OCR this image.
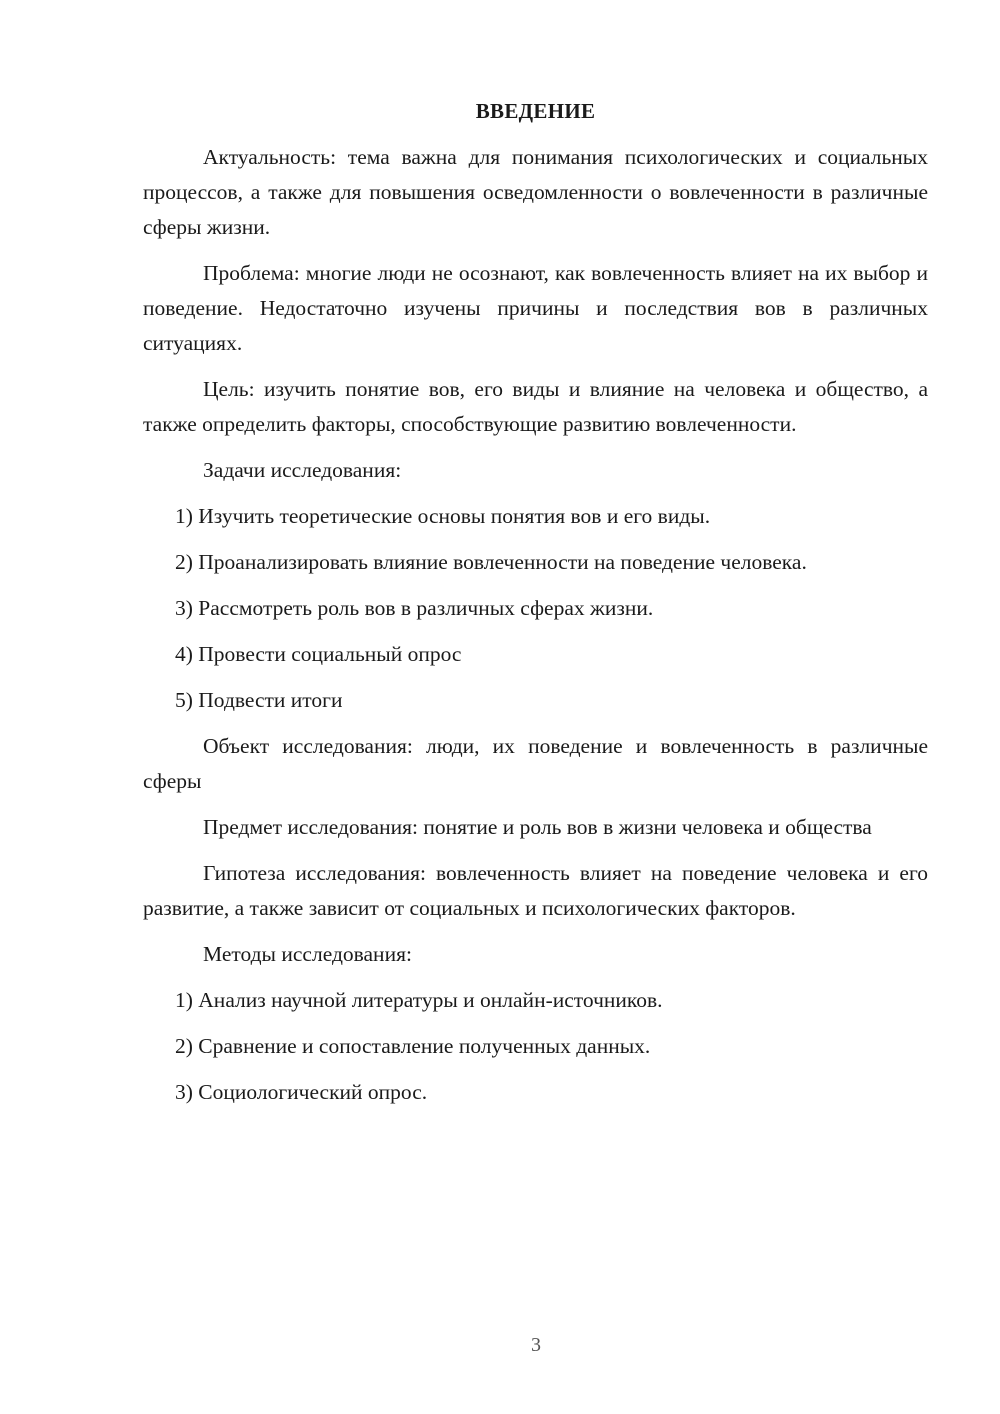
ВВЕДЕНИЕ

Актуальность: тема важна для понимания психологических и социальных процессов, а также для повышения осведомленности о вовлеченности в различные сферы жизни.

Проблема: многие люди не осознают, как вовлеченность влияет на их выбор и поведение. Недостаточно изучены причины и последствия вов в различных ситуациях.

Цель: изучить понятие вов, его виды и влияние на человека и общество, а также определить факторы, способствующие развитию вовлеченности.

Задачи исследования:

1) Изучить теоретические основы понятия вов и его виды.
2) Проанализировать влияние вовлеченности на поведение человека.
3) Рассмотреть роль вов в различных сферах жизни.
4) Провести социальный опрос
5) Подвести итоги

Объект исследования: люди, их поведение и вовлеченность в различные сферы

Предмет исследования: понятие и роль вов в жизни человека и общества

Гипотеза исследования: вовлеченность влияет на поведение человека и его развитие, а также зависит от социальных и психологических факторов.

Методы исследования:

1) Анализ научной литературы и онлайн-источников.
2) Сравнение и сопоставление полученных данных.
3) Социологический опрос.
3
